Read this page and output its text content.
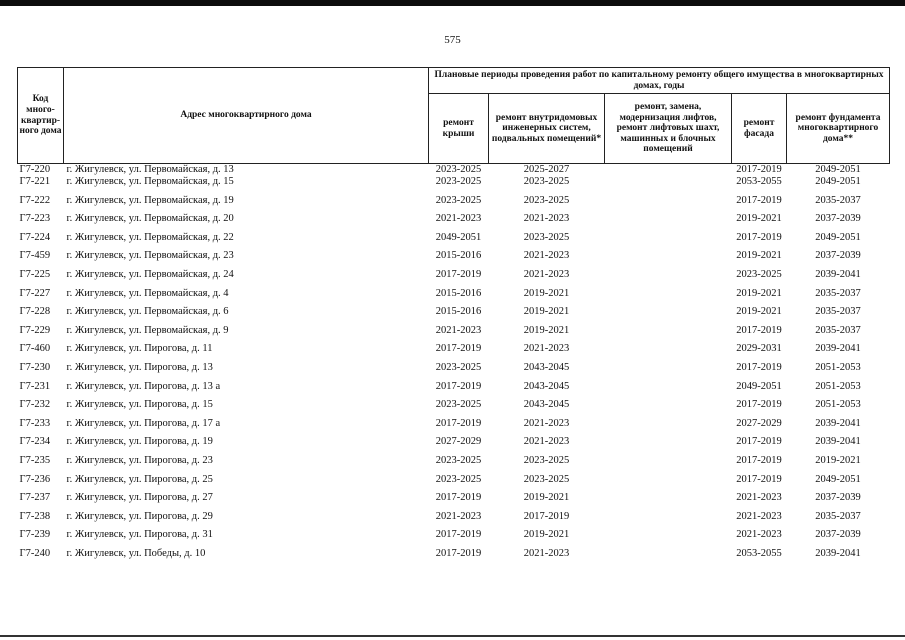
575
Код много-квартир-ного дома	Адрес многоквартирного дома	Плановые периоды проведения работ по капитальному ремонту общего имущества в многоквартирных домах, годы				
		ремонт крыши	ремонт внутридомовых инженерных систем, подвальных помещений*	ремонт, замена, модернизация лифтов, ремонт лифтовых шахт, машинных и блочных помещений	ремонт фасада	ремонт фундамента многоквартирного дома**
Г7-220	г. Жигулевск, ул. Первомайская, д. 13	2023-2025	2025-2027		2017-2019	2049-2051
Г7-221	г. Жигулевск, ул. Первомайская, д. 15	2023-2025	2023-2025		2053-2055	2049-2051
Г7-222	г. Жигулевск, ул. Первомайская, д. 19	2023-2025	2023-2025		2017-2019	2035-2037
Г7-223	г. Жигулевск, ул. Первомайская, д. 20	2021-2023	2021-2023		2019-2021	2037-2039
Г7-224	г. Жигулевск, ул. Первомайская, д. 22	2049-2051	2023-2025		2017-2019	2049-2051
Г7-459	г. Жигулевск, ул. Первомайская, д. 23	2015-2016	2021-2023		2019-2021	2037-2039
Г7-225	г. Жигулевск, ул. Первомайская, д. 24	2017-2019	2021-2023		2023-2025	2039-2041
Г7-227	г. Жигулевск, ул. Первомайская, д. 4	2015-2016	2019-2021		2019-2021	2035-2037
Г7-228	г. Жигулевск, ул. Первомайская, д. 6	2015-2016	2019-2021		2019-2021	2035-2037
Г7-229	г. Жигулевск, ул. Первомайская, д. 9	2021-2023	2019-2021		2017-2019	2035-2037
Г7-460	г. Жигулевск, ул. Пирогова, д. 11	2017-2019	2021-2023		2029-2031	2039-2041
Г7-230	г. Жигулевск, ул. Пирогова, д. 13	2023-2025	2043-2045		2017-2019	2051-2053
Г7-231	г. Жигулевск, ул. Пирогова, д. 13 а	2017-2019	2043-2045		2049-2051	2051-2053
Г7-232	г. Жигулевск, ул. Пирогова, д. 15	2023-2025	2043-2045		2017-2019	2051-2053
Г7-233	г. Жигулевск, ул. Пирогова, д. 17 а	2017-2019	2021-2023		2027-2029	2039-2041
Г7-234	г. Жигулевск, ул. Пирогова, д. 19	2027-2029	2021-2023		2017-2019	2039-2041
Г7-235	г. Жигулевск, ул. Пирогова, д. 23	2023-2025	2023-2025		2017-2019	2019-2021
Г7-236	г. Жигулевск, ул. Пирогова, д. 25	2023-2025	2023-2025		2017-2019	2049-2051
Г7-237	г. Жигулевск, ул. Пирогова, д. 27	2017-2019	2019-2021		2021-2023	2037-2039
Г7-238	г. Жигулевск, ул. Пирогова, д. 29	2021-2023	2017-2019		2021-2023	2035-2037
Г7-239	г. Жигулевск, ул. Пирогова, д. 31	2017-2019	2019-2021		2021-2023	2037-2039
Г7-240	г. Жигулевск, ул. Победы, д. 10	2017-2019	2021-2023		2053-2055	2039-2041
